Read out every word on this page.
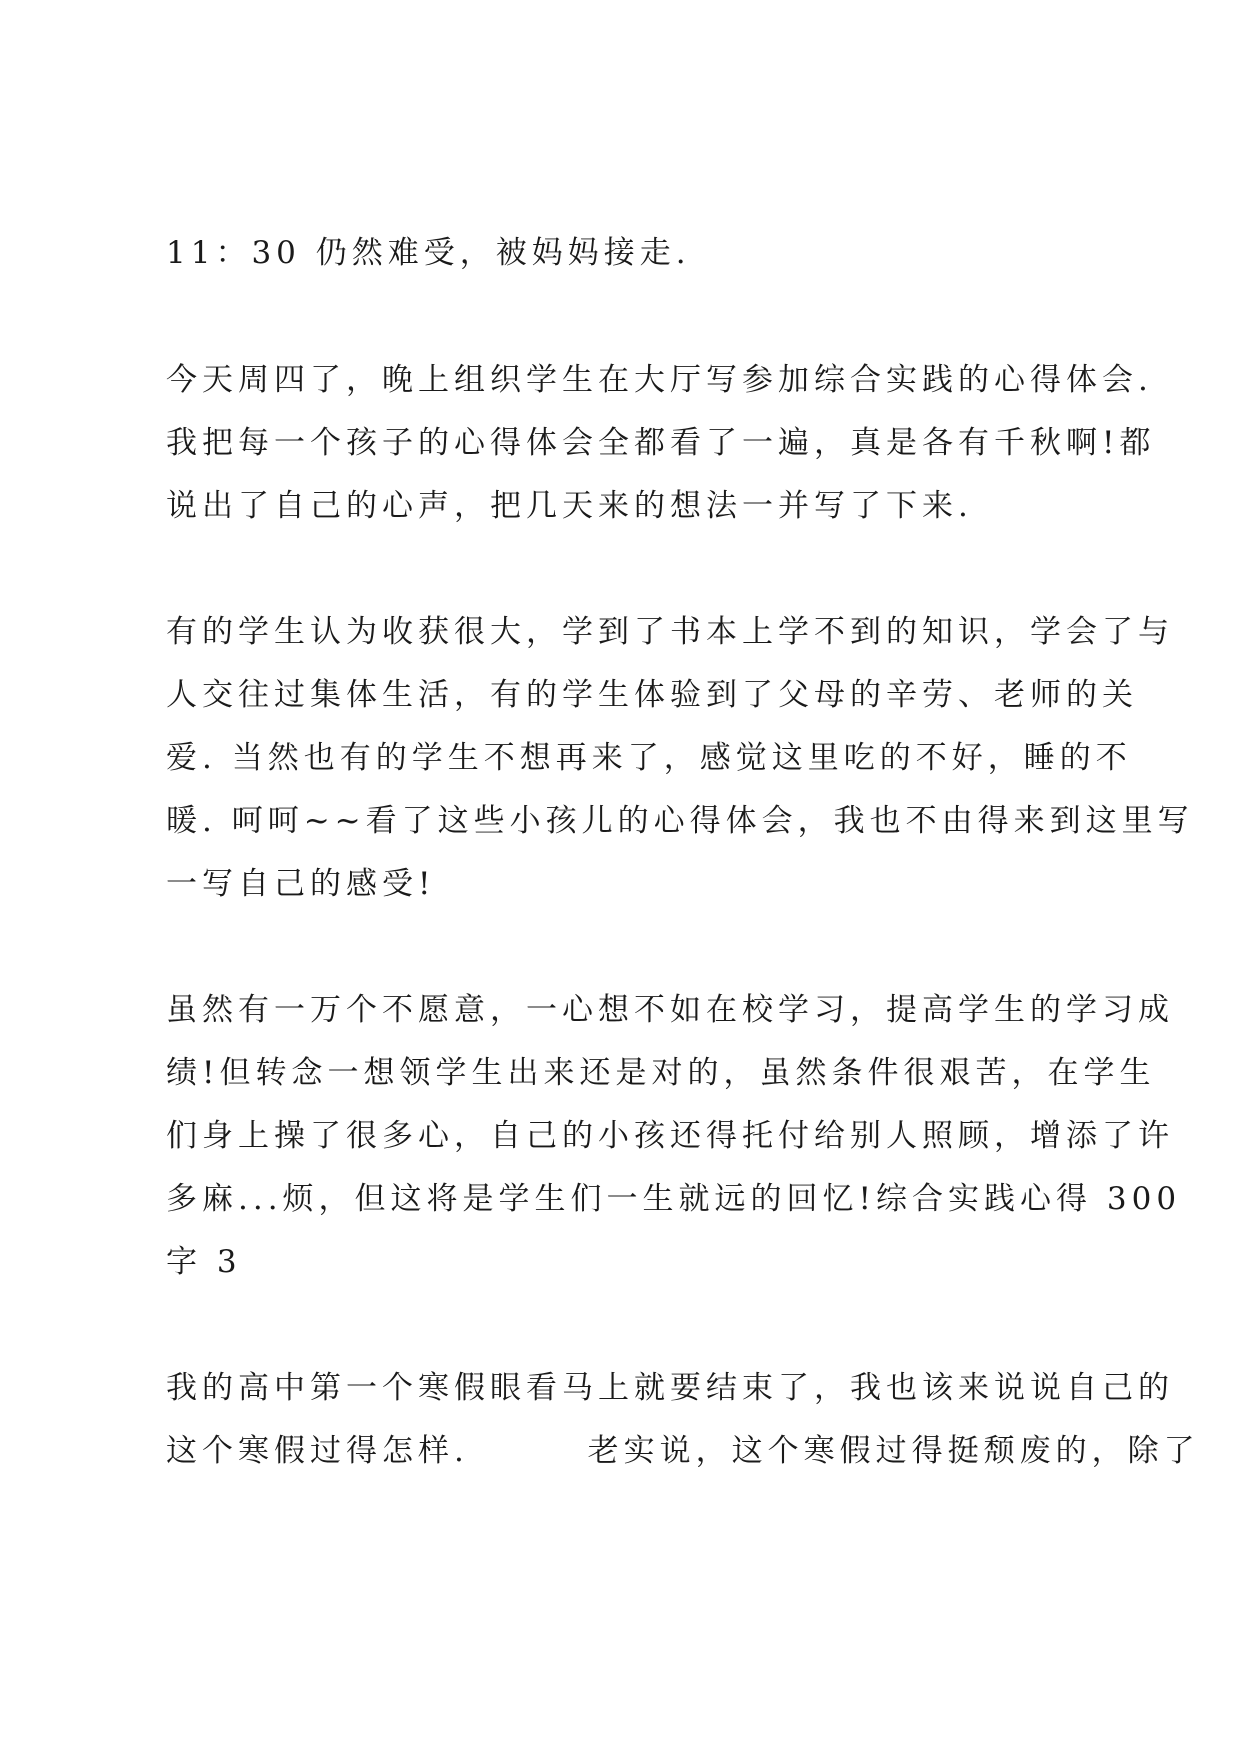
11：30 仍然难受，被妈妈接走.

今天周四了，晚上组织学生在大厅写参加综合实践的心得体会.

我把每一个孩子的心得体会全都看了一遍，真是各有千秋啊!都

说出了自己的心声，把几天来的想法一并写了下来.

有的学生认为收获很大，学到了书本上学不到的知识，学会了与

人交往过集体生活，有的学生体验到了父母的辛劳、老师的关

爱. 当然也有的学生不想再来了，感觉这里吃的不好，睡的不

暖. 呵呵~~看了这些小孩儿的心得体会，我也不由得来到这里写

一写自己的感受!

虽然有一万个不愿意，一心想不如在校学习，提高学生的学习成

绩!但转念一想领学生出来还是对的，虽然条件很艰苦，在学生

们身上操了很多心，自己的小孩还得托付给别人照顾，增添了许

多麻...烦，但这将是学生们一生就远的回忆!综合实践心得 300

字 3

我的高中第一个寒假眼看马上就要结束了，我也该来说说自己的

这个寒假过得怎样.        老实说，这个寒假过得挺颓废的，除了
